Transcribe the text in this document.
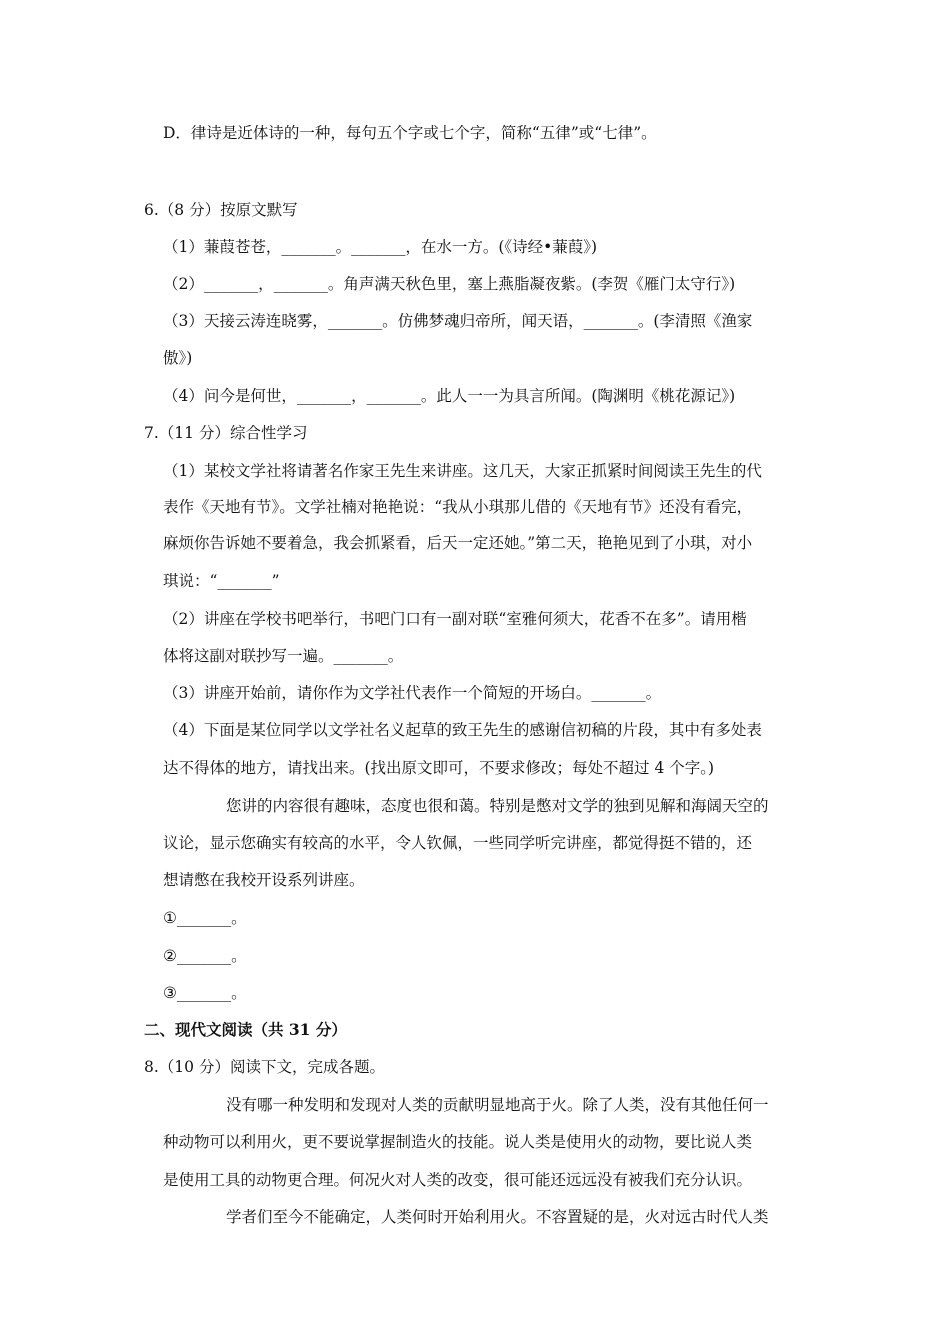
D．律诗是近体诗的一种，每句五个字或七个字，简称“五律”或“七律”。
6.（8 分）按原文默写
（1）蒹葭苍苍，_______。_______，在水一方。(《诗经•蒹葭》)
（2）_______，_______。角声满天秋色里，塞上燕脂凝夜紫。(李贺《雁门太守行》)
（3）天接云涛连晓雾，_______。仿佛梦魂归帝所，闻天语，_______。(李清照《渔家
傲》)
（4）问今是何世，_______，_______。此人一一为具言所闻。(陶渊明《桃花源记》)
7.（11 分）综合性学习
（1）某校文学社将请著名作家王先生来讲座。这几天，大家正抓紧时间阅读王先生的代
表作《天地有节》。文学社楠对艳艳说：“我从小琪那儿借的《天地有节》还没有看完，
麻烦你告诉她不要着急，我会抓紧看，后天一定还她。”第二天，艳艳见到了小琪，对小
琪说：“_______”
（2）讲座在学校书吧举行，书吧门口有一副对联“室雅何须大，花香不在多”。请用楷
体将这副对联抄写一遍。_______。
（3）讲座开始前，请你作为文学社代表作一个简短的开场白。_______。
（4）下面是某位同学以文学社名义起草的致王先生的感谢信初稿的片段，其中有多处表
达不得体的地方，请找出来。(找出原文即可，不要求修改；每处不超过 4 个字。)
您讲的内容很有趣味，态度也很和蔼。特别是憋对文学的独到见解和海阔天空的
议论，显示您确实有较高的水平，令人钦佩，一些同学听完讲座，都觉得挺不错的，还
想请憋在我校开设系列讲座。
①_______。
②_______。
③_______。
二、现代文阅读（共 31 分）
8.（10 分）阅读下文，完成各题。
没有哪一种发明和发现对人类的贡献明显地高于火。除了人类，没有其他任何一
种动物可以利用火，更不要说掌握制造火的技能。说人类是使用火的动物，要比说人类
是使用工具的动物更合理。何况火对人类的改变，很可能还远远没有被我们充分认识。
学者们至今不能确定，人类何时开始利用火。不容置疑的是，火对远古时代人类
